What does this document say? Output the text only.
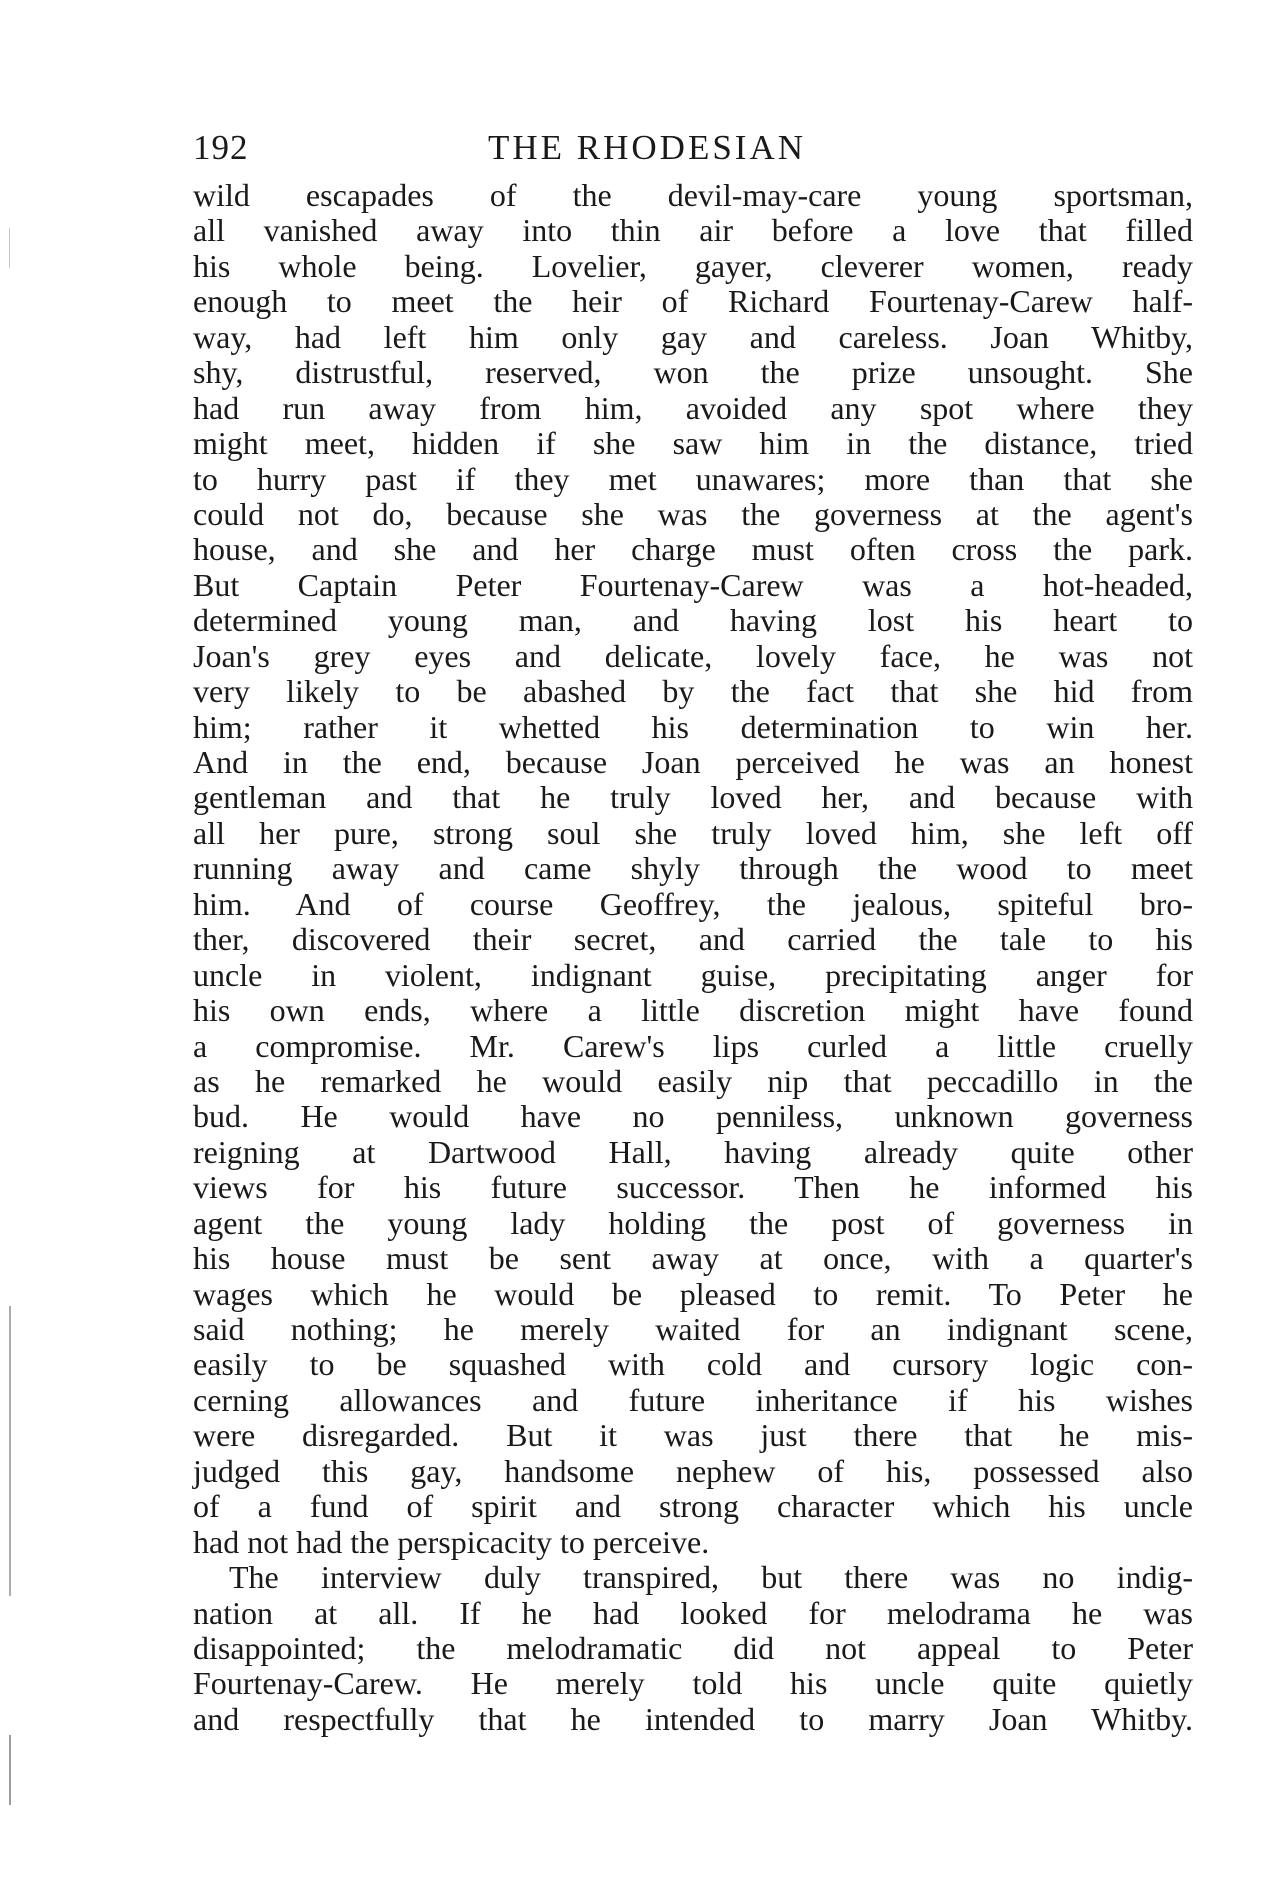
192	THE RHODESIAN
wild escapades of the devil-may-care young sportsman,
all vanished away into thin air before a love that filled
his whole being. Lovelier, gayer, cleverer women, ready
enough to meet the heir of Richard Fourtenay-Carew half-
way, had left him only gay and careless. Joan Whitby,
shy, distrustful, reserved, won the prize unsought. She
had run away from him, avoided any spot where they
might meet, hidden if she saw him in the distance, tried
to hurry past if they met unawares; more than that she
could not do, because she was the governess at the agent's
house, and she and her charge must often cross the park.
But Captain Peter Fourtenay-Carew was a hot-headed,
determined young man, and having lost his heart to
Joan's grey eyes and delicate, lovely face, he was not
very likely to be abashed by the fact that she hid from
him; rather it whetted his determination to win her.
And in the end, because Joan perceived he was an honest
gentleman and that he truly loved her, and because with
all her pure, strong soul she truly loved him, she left off
running away and came shyly through the wood to meet
him. And of course Geoffrey, the jealous, spiteful bro-
ther, discovered their secret, and carried the tale to his
uncle in violent, indignant guise, precipitating anger for
his own ends, where a little discretion might have found
a compromise. Mr. Carew's lips curled a little cruelly
as he remarked he would easily nip that peccadillo in the
bud. He would have no penniless, unknown governess
reigning at Dartwood Hall, having already quite other
views for his future successor. Then he informed his
agent the young lady holding the post of governess in
his house must be sent away at once, with a quarter's
wages which he would be pleased to remit. To Peter he
said nothing; he merely waited for an indignant scene,
easily to be squashed with cold and cursory logic con-
cerning allowances and future inheritance if his wishes
were disregarded. But it was just there that he mis-
judged this gay, handsome nephew of his, possessed also
of a fund of spirit and strong character which his uncle
had not had the perspicacity to perceive.
The interview duly transpired, but there was no indig-
nation at all. If he had looked for melodrama he was
disappointed; the melodramatic did not appeal to Peter
Fourtenay-Carew. He merely told his uncle quite quietly
and respectfully that he intended to marry Joan Whitby.
